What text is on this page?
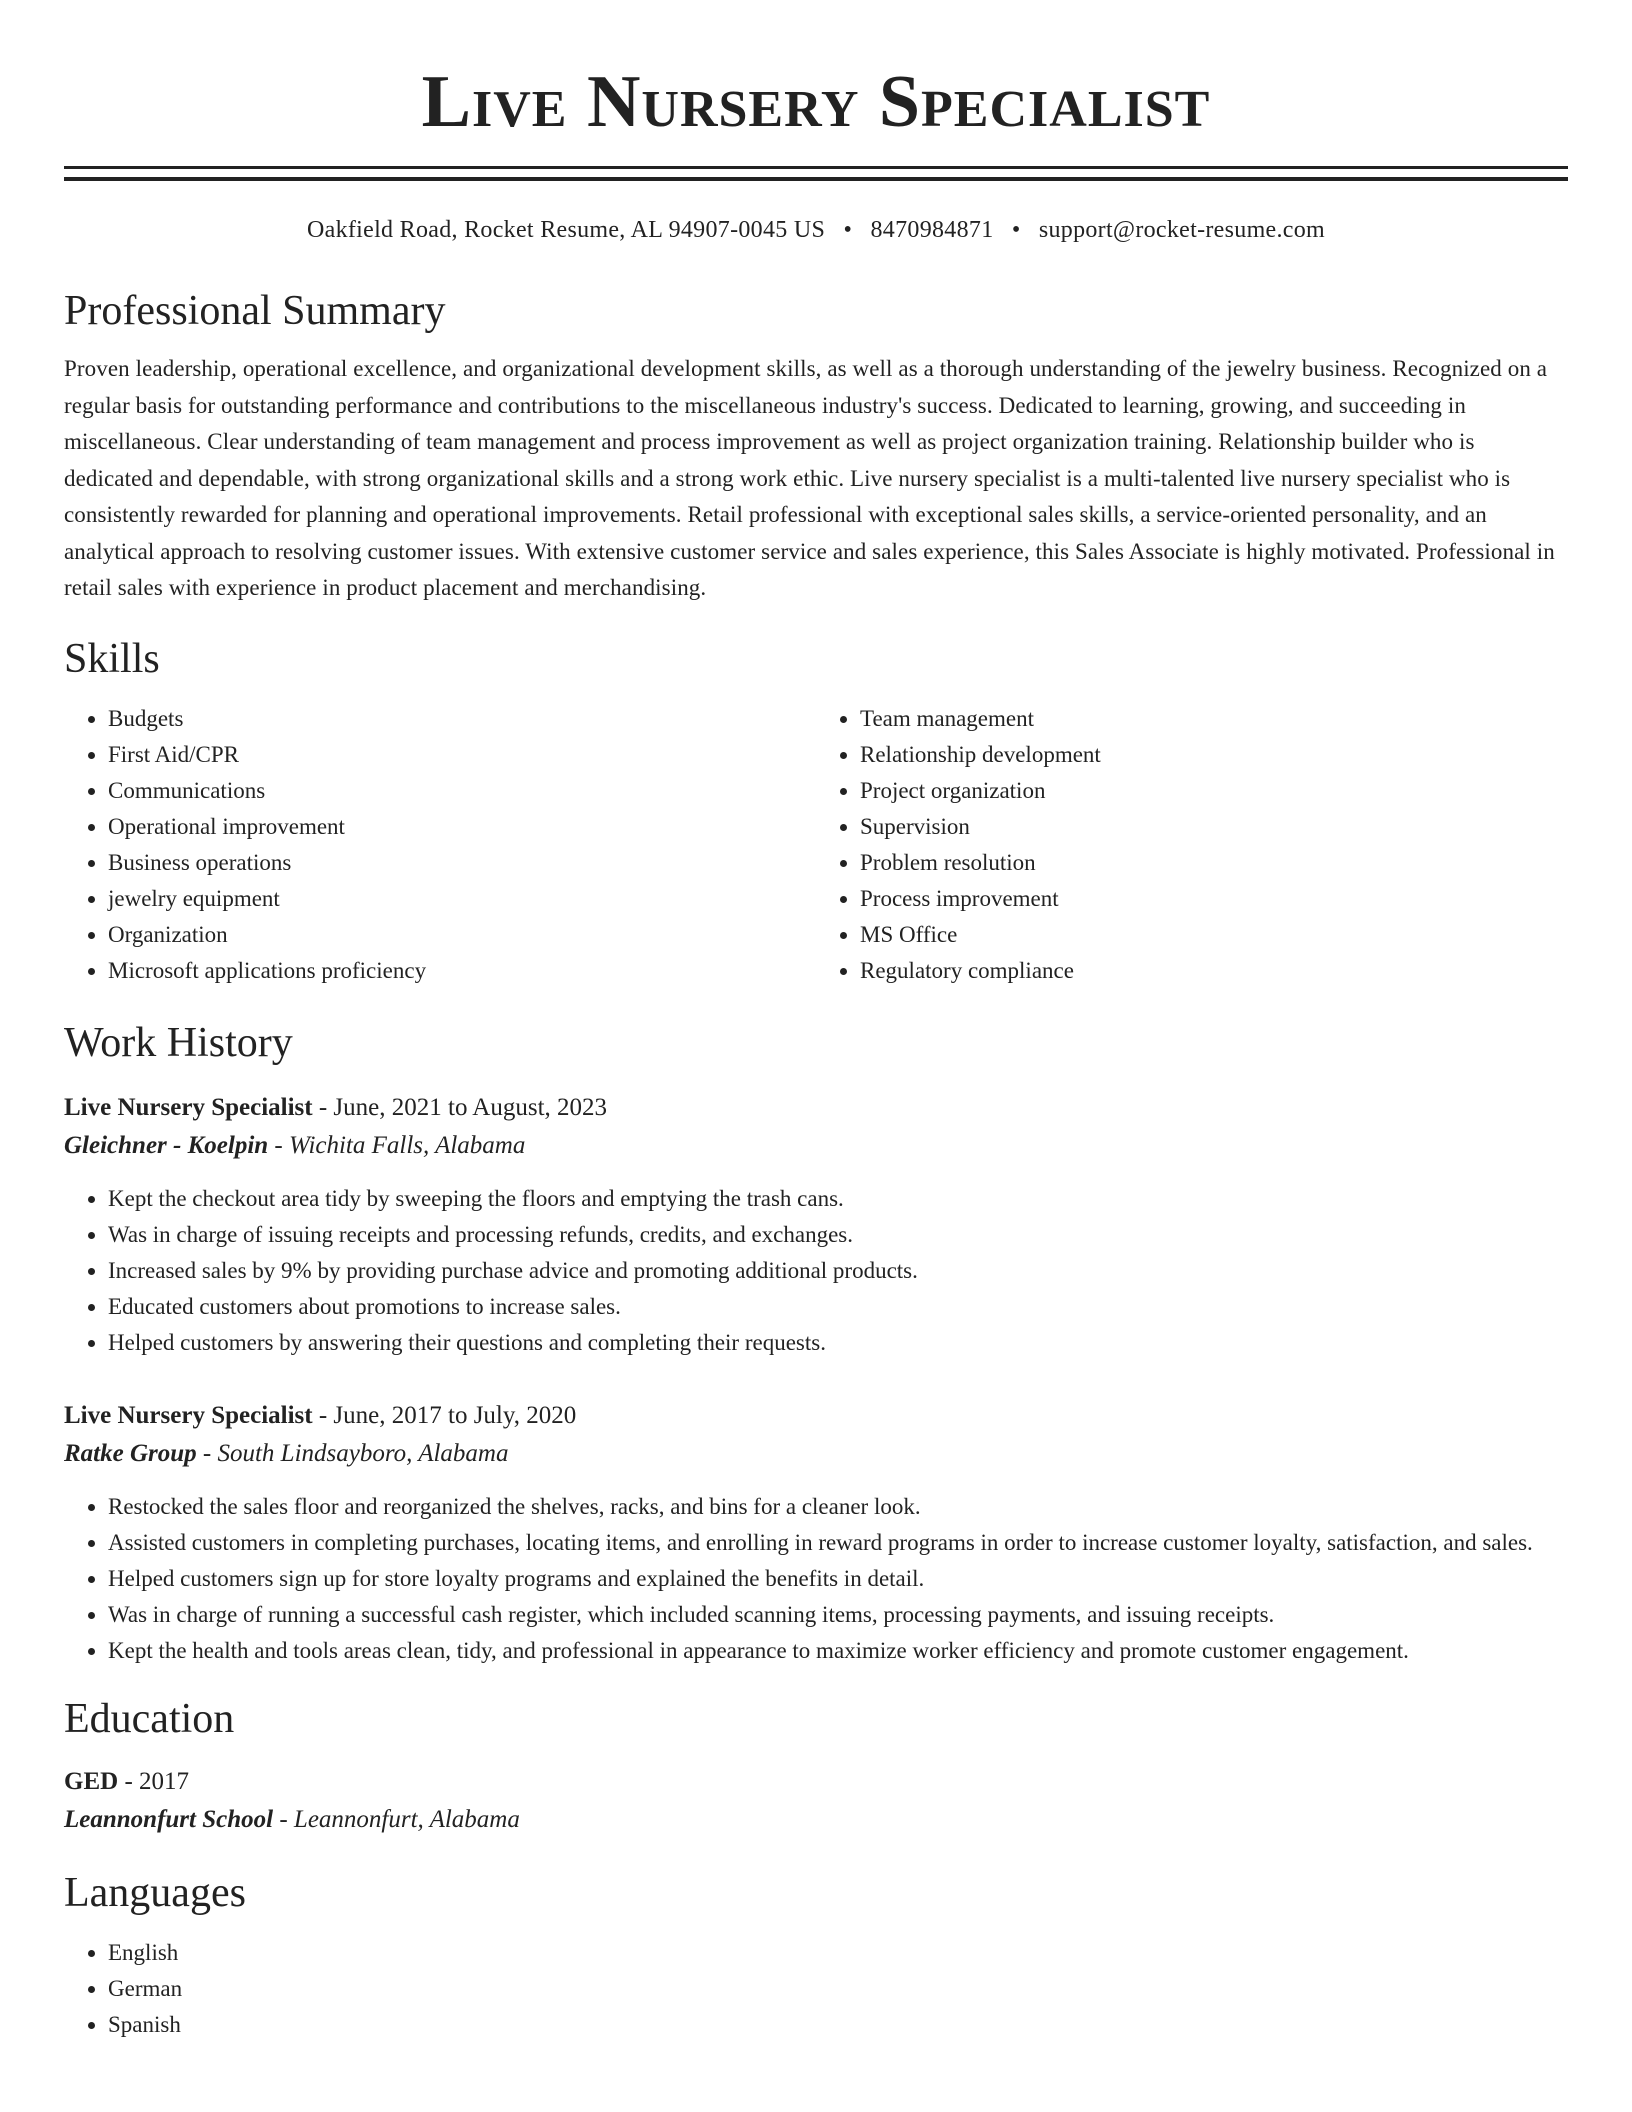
Live Nursery Specialist
Oakfield Road, Rocket Resume, AL 94907-0045 US • 8470984871 • support@rocket-resume.com
Professional Summary

Proven leadership, operational excellence, and organizational development skills, as well as a thorough understanding of the jewelry business. Recognized on a regular basis for outstanding performance and contributions to the miscellaneous industry's success. Dedicated to learning, growing, and succeeding in miscellaneous. Clear understanding of team management and process improvement as well as project organization training. Relationship builder who is dedicated and dependable, with strong organizational skills and a strong work ethic. Live nursery specialist is a multi-talented live nursery specialist who is consistently rewarded for planning and operational improvements. Retail professional with exceptional sales skills, a service-oriented personality, and an analytical approach to resolving customer issues. With extensive customer service and sales experience, this Sales Associate is highly motivated. Professional in retail sales with experience in product placement and merchandising.

Skills
• Budgets
• First Aid/CPR
• Communications
• Operational improvement
• Business operations
• jewelry equipment
• Organization
• Microsoft applications proficiency
• Team management
• Relationship development
• Project organization
• Supervision
• Problem resolution
• Process improvement
• MS Office
• Regulatory compliance
Work History
Live Nursery Specialist - June, 2021 to August, 2023
Gleichner - Koelpin - Wichita Falls, Alabama
• Kept the checkout area tidy by sweeping the floors and emptying the trash cans.
• Was in charge of issuing receipts and processing refunds, credits, and exchanges.
• Increased sales by 9% by providing purchase advice and promoting additional products.
• Educated customers about promotions to increase sales.
• Helped customers by answering their questions and completing their requests.
Live Nursery Specialist - June, 2017 to July, 2020
Ratke Group - South Lindsayboro, Alabama
• Restocked the sales floor and reorganized the shelves, racks, and bins for a cleaner look.
• Assisted customers in completing purchases, locating items, and enrolling in reward programs in order to increase customer loyalty, satisfaction, and sales.
• Helped customers sign up for store loyalty programs and explained the benefits in detail.
• Was in charge of running a successful cash register, which included scanning items, processing payments, and issuing receipts.
• Kept the health and tools areas clean, tidy, and professional in appearance to maximize worker efficiency and promote customer engagement.
Education
GED - 2017
Leannonfurt School - Leannonfurt, Alabama
Languages
• English
• German
• Spanish
